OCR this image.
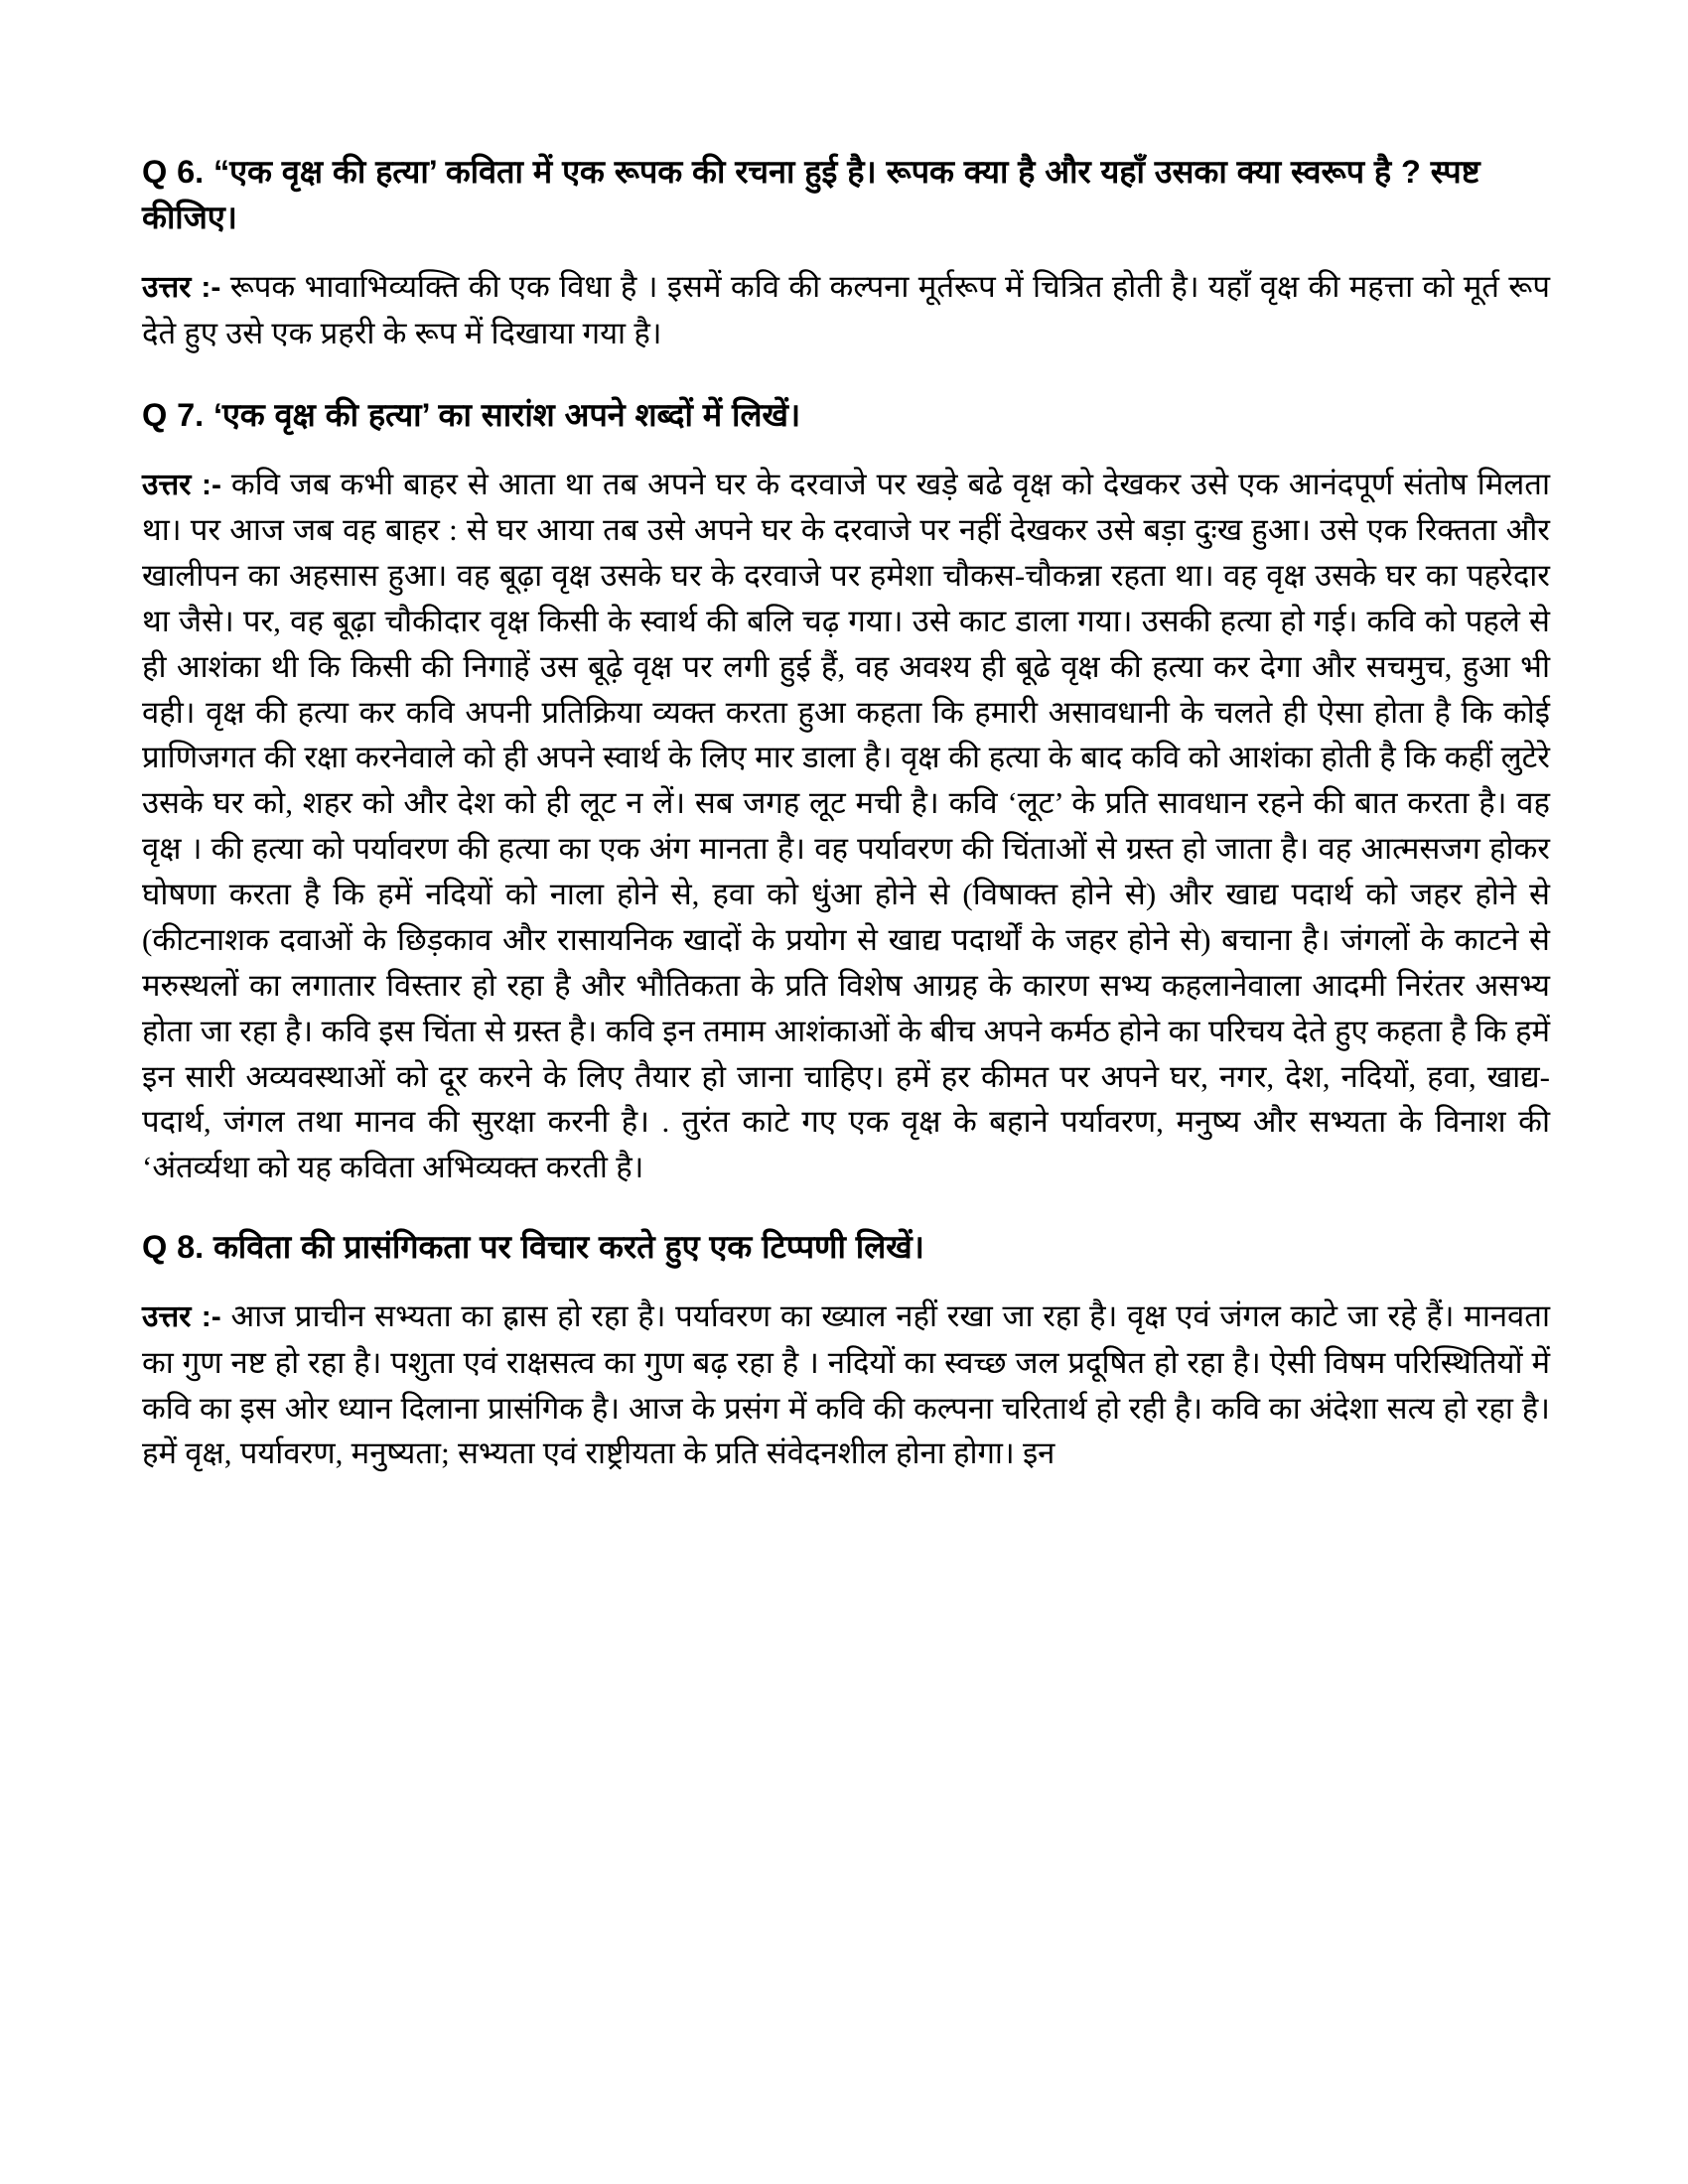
Q 6. “एक वृक्ष की हत्या’ कविता में एक रूपक की रचना हुई है। रूपक क्या है और यहाँ उसका क्या स्वरूप है ? स्पष्ट कीजिए।

उत्तर :- रूपक भावाभिव्यक्ति की एक विधा है । इसमें कवि की कल्पना मूर्तरूप में चित्रित होती है। यहाँ वृक्ष की महत्ता को मूर्त रूप देते हुए उसे एक प्रहरी के रूप में दिखाया गया है।

Q 7. ‘एक वृक्ष की हत्या’ का सारांश अपने शब्दों में लिखें।

उत्तर :- कवि जब कभी बाहर से आता था तब अपने घर के दरवाजे पर खड़े बढे वृक्ष को देखकर उसे एक आनंदपूर्ण संतोष मिलता था। पर आज जब वह बाहर : से घर आया तब उसे अपने घर के दरवाजे पर नहीं देखकर उसे बड़ा दुःख हुआ। उसे एक रिक्तता और खालीपन का अहसास हुआ। वह बूढ़ा वृक्ष उसके घर के दरवाजे पर हमेशा चौकस-चौकन्ना रहता था। वह वृक्ष उसके घर का पहरेदार था जैसे। पर, वह बूढ़ा चौकीदार वृक्ष किसी के स्वार्थ की बलि चढ़ गया। उसे काट डाला गया। उसकी हत्या हो गई। कवि को पहले से ही आशंका थी कि किसी की निगाहें उस बूढ़े वृक्ष पर लगी हुई हैं, वह अवश्य ही बूढे वृक्ष की हत्या कर देगा और सचमुच, हुआ भी वही। वृक्ष की हत्या कर कवि अपनी प्रतिक्रिया व्यक्त करता हुआ कहता कि हमारी असावधानी के चलते ही ऐसा होता है कि कोई प्राणिजगत की रक्षा करनेवाले को ही अपने स्वार्थ के लिए मार डाला है। वृक्ष की हत्या के बाद कवि को आशंका होती है कि कहीं लुटेरे उसके घर को, शहर को और देश को ही लूट न लें। सब जगह लूट मची है। कवि ‘लूट’ के प्रति सावधान रहने की बात करता है। वह वृक्ष । की हत्या को पर्यावरण की हत्या का एक अंग मानता है। वह पर्यावरण की चिंताओं से ग्रस्त हो जाता है। वह आत्मसजग होकर घोषणा करता है कि हमें नदियों को नाला होने से, हवा को धुंआ होने से (विषाक्त होने से) और खाद्य पदार्थ को जहर होने से (कीटनाशक दवाओं के छिड़काव और रासायनिक खादों के प्रयोग से खाद्य पदार्थों के जहर होने से) बचाना है। जंगलों के काटने से मरुस्थलों का लगातार विस्तार हो रहा है और भौतिकता के प्रति विशेष आग्रह के कारण सभ्य कहलानेवाला आदमी निरंतर असभ्य होता जा रहा है। कवि इस चिंता से ग्रस्त है। कवि इन तमाम आशंकाओं के बीच अपने कर्मठ होने का परिचय देते हुए कहता है कि हमें इन सारी अव्यवस्थाओं को दूर करने के लिए तैयार हो जाना चाहिए। हमें हर कीमत पर अपने घर, नगर, देश, नदियों, हवा, खाद्य-पदार्थ, जंगल तथा मानव की सुरक्षा करनी है। . तुरंत काटे गए एक वृक्ष के बहाने पर्यावरण, मनुष्य और सभ्यता के विनाश की ‘अंतर्व्यथा को यह कविता अभिव्यक्त करती है।

Q 8. कविता की प्रासंगिकता पर विचार करते हुए एक टिप्पणी लिखें।

उत्तर :- आज प्राचीन सभ्यता का ह्रास हो रहा है। पर्यावरण का ख्याल नहीं रखा जा रहा है। वृक्ष एवं जंगल काटे जा रहे हैं। मानवता का गुण नष्ट हो रहा है। पशुता एवं राक्षसत्व का गुण बढ़ रहा है । नदियों का स्वच्छ जल प्रदूषित हो रहा है। ऐसी विषम परिस्थितियों में कवि का इस ओर ध्यान दिलाना प्रासंगिक है। आज के प्रसंग में कवि की कल्पना चरितार्थ हो रही है। कवि का अंदेशा सत्य हो रहा है। हमें वृक्ष, पर्यावरण, मनुष्यता; सभ्यता एवं राष्ट्रीयता के प्रति संवेदनशील होना होगा। इन
